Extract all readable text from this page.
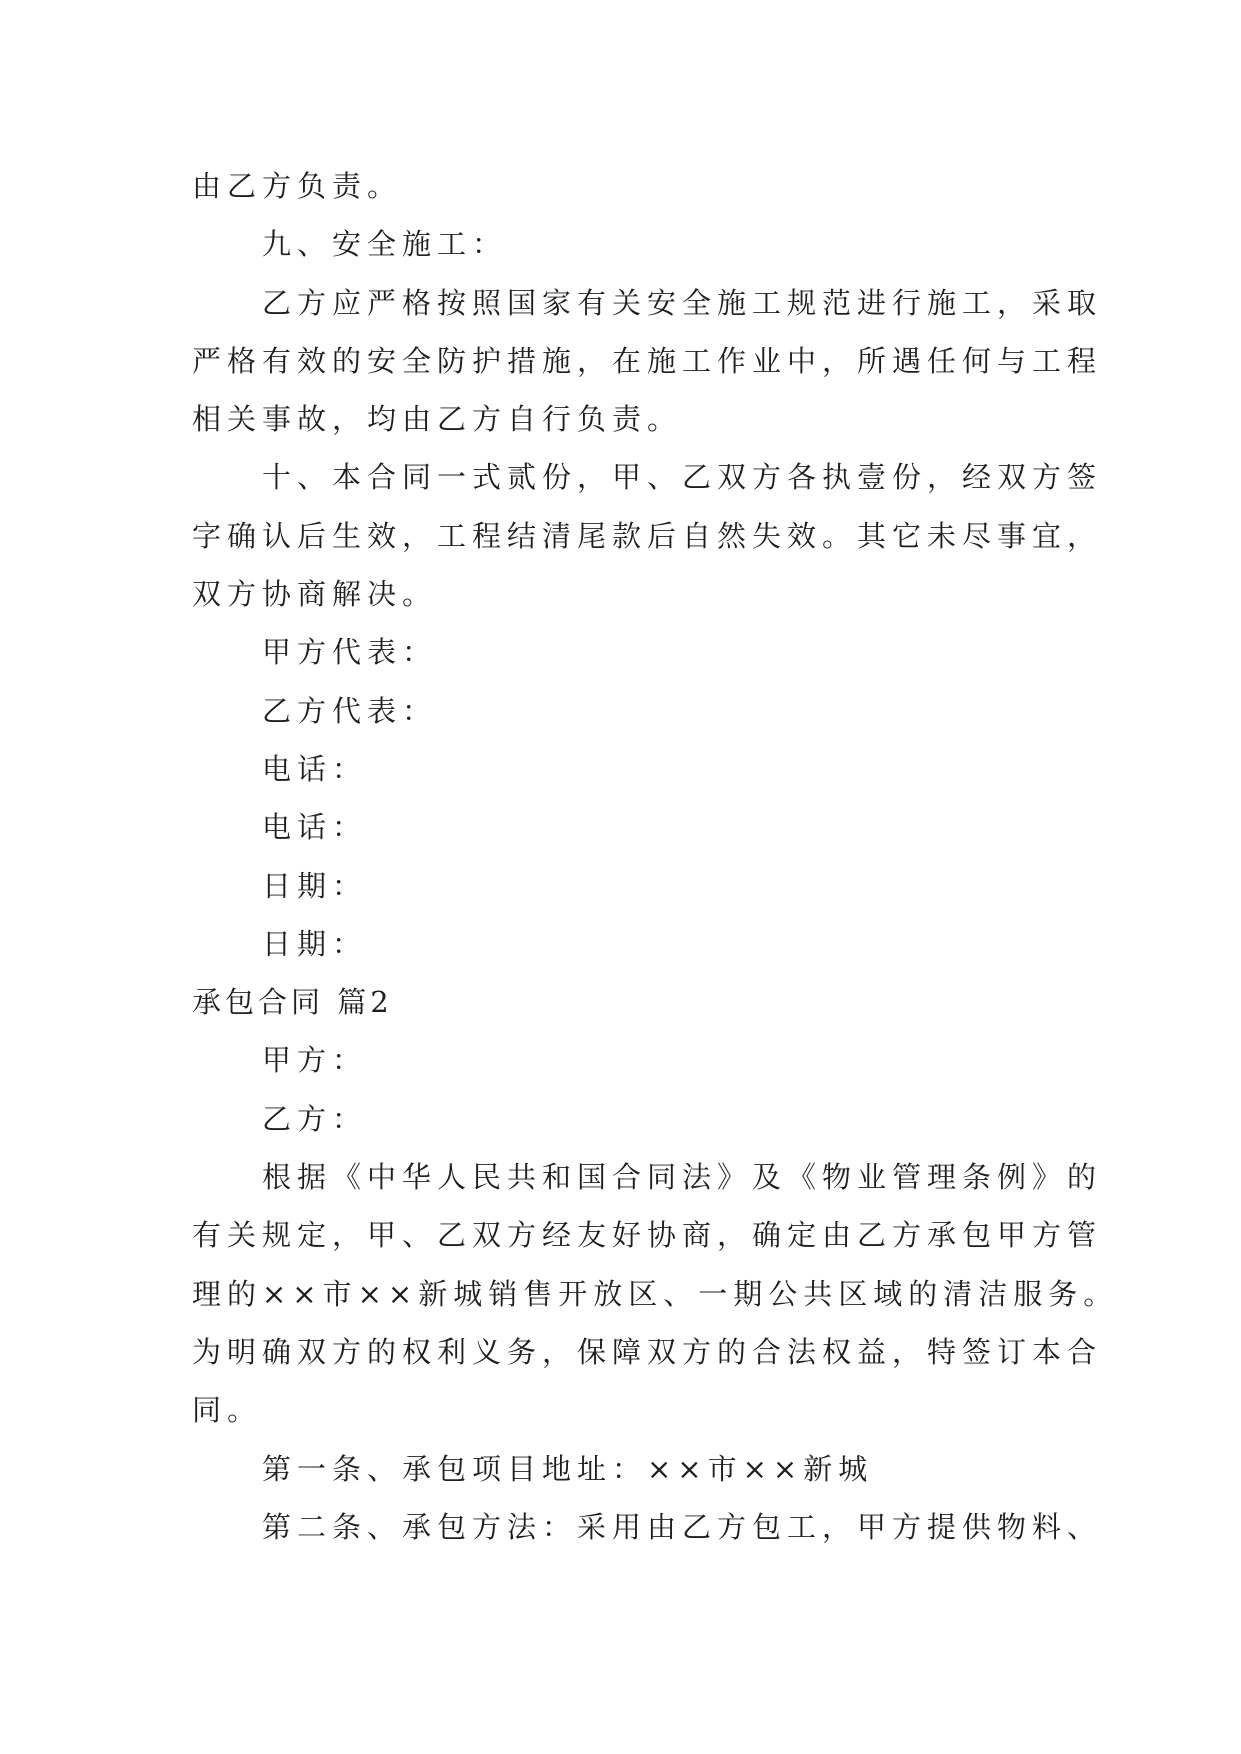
由乙方负责。

九、安全施工：

乙方应严格按照国家有关安全施工规范进行施工，采取

严格有效的安全防护措施，在施工作业中，所遇任何与工程

相关事故，均由乙方自行负责。

十、本合同一式贰份，甲、乙双方各执壹份，经双方签

字确认后生效，工程结清尾款后自然失效。其它未尽事宜，

双方协商解决。

甲方代表：

乙方代表：

电话：

电话：

日期：

日期：

承包合同 篇2

甲方：

乙方：

根据《中华人民共和国合同法》及《物业管理条例》的

有关规定，甲、乙双方经友好协商，确定由乙方承包甲方管

理的××市××新城销售开放区、一期公共区域的清洁服务。

为明确双方的权利义务，保障双方的合法权益，特签订本合

同。

第一条、承包项目地址：××市××新城

第二条、承包方法：采用由乙方包工，甲方提供物料、
